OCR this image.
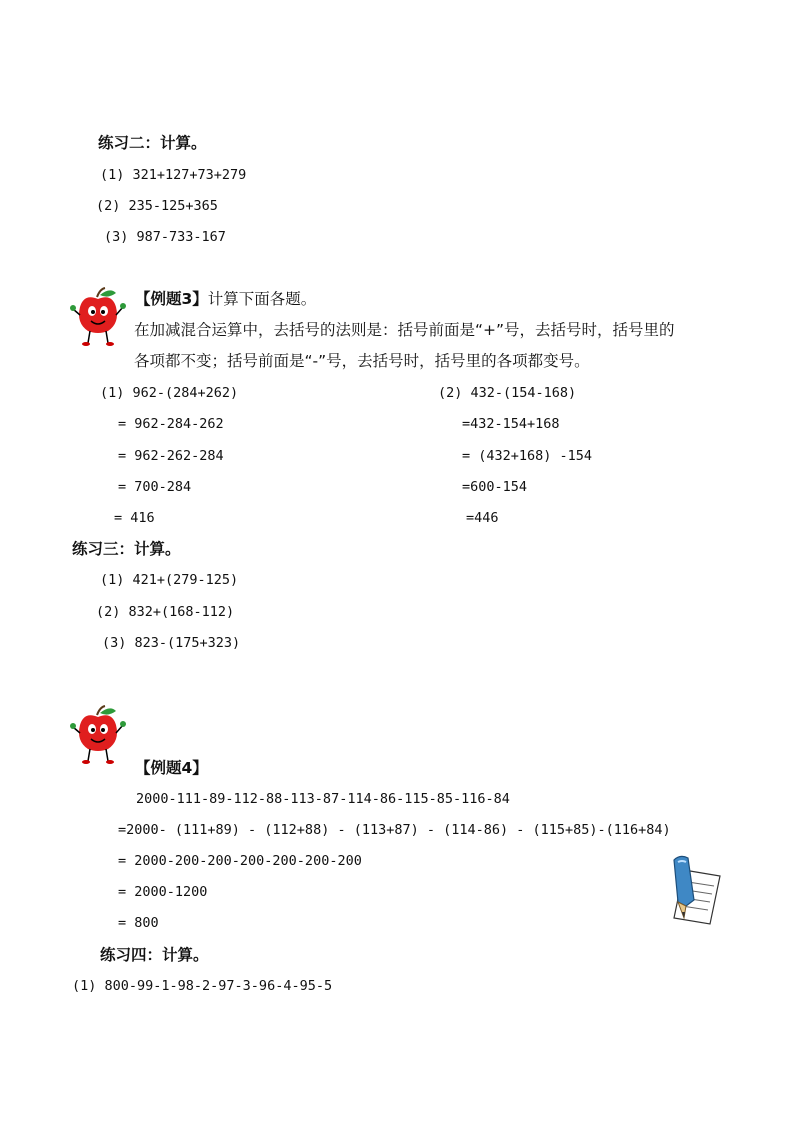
练习二：计算。
(1) 321+127+73+279
(2) 235-125+365
(3) 987-733-167
【例题3】计算下面各题。
在加减混合运算中，去括号的法则是：括号前面是“+”号，去括号时，括号里的
各项都不变；括号前面是“-”号，去括号时，括号里的各项都变号。
(1) 962-(284+262)
= 962-284-262
= 962-262-284
= 700-284
= 416
(2) 432-(154-168)
=432-154+168
= (432+168) -154
=600-154
=446
练习三：计算。
(1) 421+(279-125)
(2) 832+(168-112)
(3) 823-(175+323)
【例题4】
2000-111-89-112-88-113-87-114-86-115-85-116-84
=2000- (111+89) - (112+88) - (113+87) - (114-86) - (115+85)-(116+84)
= 2000-200-200-200-200-200-200
= 2000-1200
= 800
练习四：计算。
(1) 800-99-1-98-2-97-3-96-4-95-5
